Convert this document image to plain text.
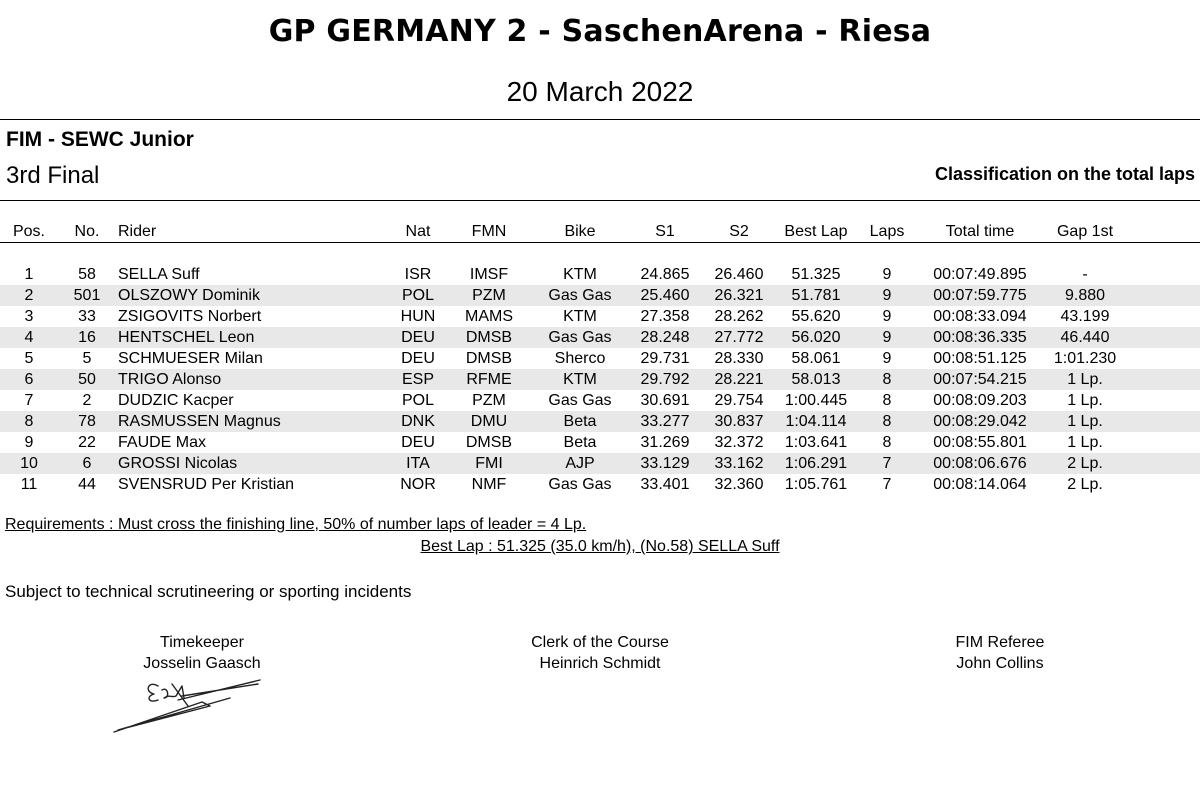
GP GERMANY 2 - SaschenArena - Riesa
20 March 2022
FIM - SEWC Junior
3rd Final	Classification on the total laps
Pos.	No.	Rider	Nat	FMN	Bike	S1	S2	Best Lap	Laps	Total time	Gap 1st	

1	58	SELLA Suff	ISR	IMSF	KTM	24.865	26.460	51.325	9	00:07:49.895	-	
2	501	OLSZOWY Dominik	POL	PZM	Gas Gas	25.460	26.321	51.781	9	00:07:59.775	9.880	
3	33	ZSIGOVITS Norbert	HUN	MAMS	KTM	27.358	28.262	55.620	9	00:08:33.094	43.199	
4	16	HENTSCHEL Leon	DEU	DMSB	Gas Gas	28.248	27.772	56.020	9	00:08:36.335	46.440	
5	5	SCHMUESER Milan	DEU	DMSB	Sherco	29.731	28.330	58.061	9	00:08:51.125	1:01.230	
6	50	TRIGO Alonso	ESP	RFME	KTM	29.792	28.221	58.013	8	00:07:54.215	1 Lp.	
7	2	DUDZIC Kacper	POL	PZM	Gas Gas	30.691	29.754	1:00.445	8	00:08:09.203	1 Lp.	
8	78	RASMUSSEN Magnus	DNK	DMU	Beta	33.277	30.837	1:04.114	8	00:08:29.042	1 Lp.	
9	22	FAUDE Max	DEU	DMSB	Beta	31.269	32.372	1:03.641	8	00:08:55.801	1 Lp.	
10	6	GROSSI Nicolas	ITA	FMI	AJP	33.129	33.162	1:06.291	7	00:08:06.676	2 Lp.	
11	44	SVENSRUD Per Kristian	NOR	NMF	Gas Gas	33.401	32.360	1:05.761	7	00:08:14.064	2 Lp.	
Requirements : Must cross the finishing line, 50% of number laps of leader = 4 Lp.
Best Lap : 51.325 (35.0 km/h), (No.58) SELLA Suff
Subject to technical scrutineering or sporting incidents
Timekeeper
Josselin Gaasch
Clerk of the Course
Heinrich Schmidt
FIM Referee
John Collins
